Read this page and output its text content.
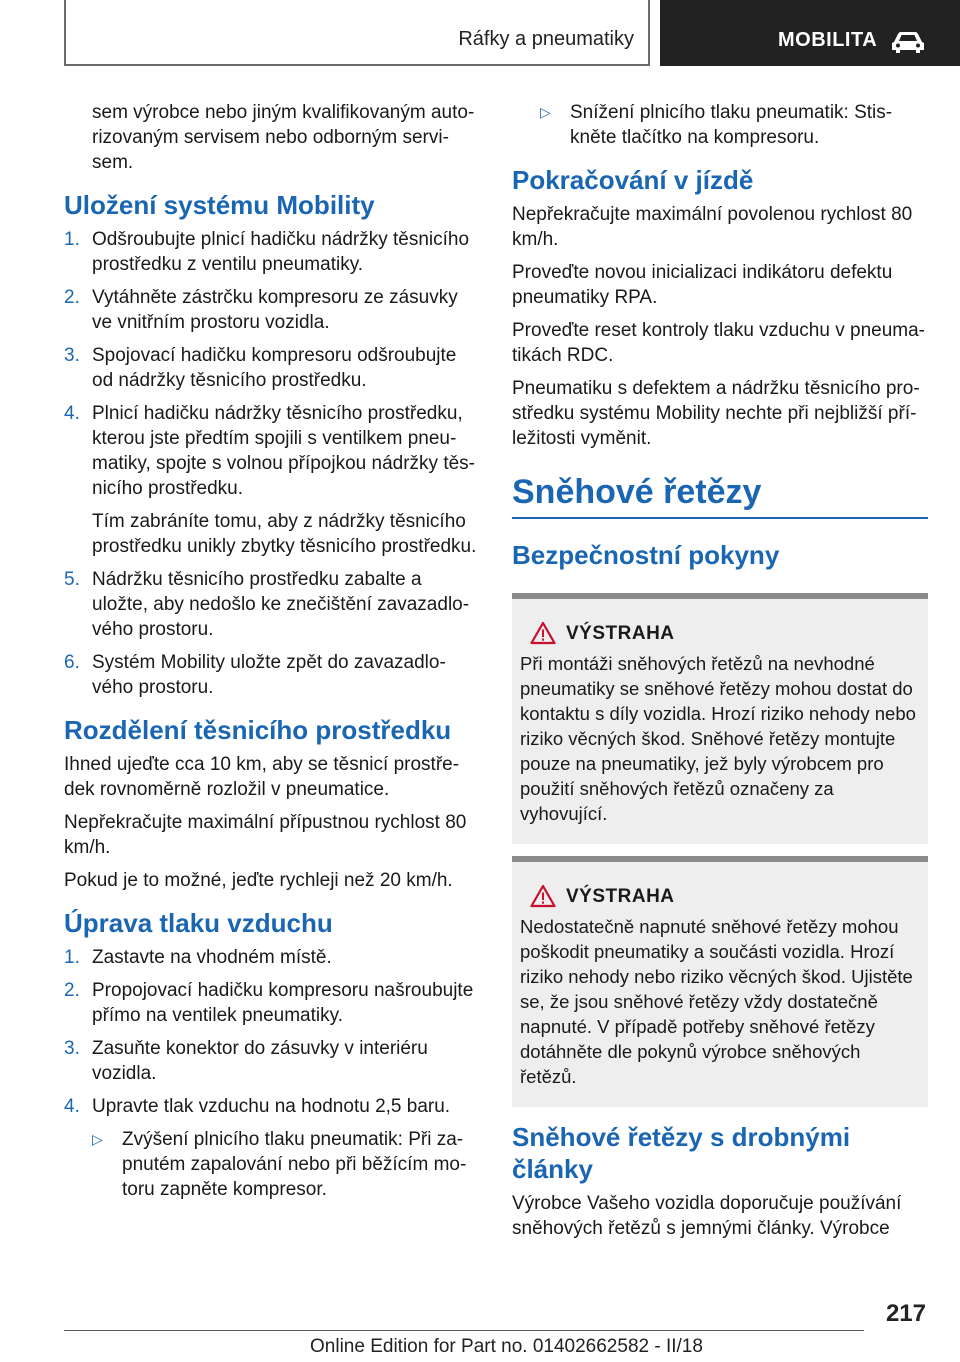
Ráfky a pneumatiky	MOBILITA

sem výrobce nebo jiným kvalifikovaným autorizovaným servisem nebo odborným servisem.

Uložení systému Mobility
1. Odšroubujte plnicí hadičku nádržky těsnicího prostředku z ventilu pneumatiky.
2. Vytáhněte zástrčku kompresoru ze zásuvky ve vnitřním prostoru vozidla.
3. Spojovací hadičku kompresoru odšroubujte od nádržky těsnicího prostředku.
4. Plnicí hadičku nádržky těsnicího prostředku, kterou jste předtím spojili s ventilkem pneumatiky, spojte s volnou přípojkou nádržky těsnicího prostředku.
Tím zabráníte tomu, aby z nádržky těsnicího prostředku unikly zbytky těsnicího prostředku.
5. Nádržku těsnicího prostředku zabalte a uložte, aby nedošlo ke znečištění zavazadlového prostoru.
6. Systém Mobility uložte zpět do zavazadlového prostoru.
Rozdělení těsnicího prostředku

Ihned ujeďte cca 10 km, aby se těsnicí prostředek rovnoměrně rozložil v pneumatice.

Nepřekračujte maximální přípustnou rychlost 80 km/h.

Pokud je to možné, jeďte rychleji než 20 km/h.

Úprava tlaku vzduchu
1. Zastavte na vhodném místě.
2. Propojovací hadičku kompresoru našroubujte přímo na ventilek pneumatiky.
3. Zasuňte konektor do zásuvky v interiéru vozidla.
4. Upravte tlak vzduchu na hodnotu 2,5 baru.
▷ Zvýšení plnicího tlaku pneumatik: Při zapnutém zapalování nebo při běžícím motoru zapněte kompresor.
▷ Snížení plnicího tlaku pneumatik: Stiskněte tlačítko na kompresoru.
Pokračování v jízdě

Nepřekračujte maximální povolenou rychlost 80 km/h.

Proveďte novou inicializaci indikátoru defektu pneumatiky RPA.

Proveďte reset kontroly tlaku vzduchu v pneumatikách RDC.

Pneumatiku s defektem a nádržku těsnicího prostředku systému Mobility nechte při nejbližší příležitosti vyměnit.

Sněhové řetězy
Bezpečnostní pokyny
VÝSTRAHA
Při montáži sněhových řetězů na nevhodné pneumatiky se sněhové řetězy mohou dostat do kontaktu s díly vozidla. Hrozí riziko nehody nebo riziko věcných škod. Sněhové řetězy montujte pouze na pneumatiky, jež byly výrobcem pro použití sněhových řetězů označeny za vyhovující.
VÝSTRAHA
Nedostatečně napnuté sněhové řetězy mohou poškodit pneumatiky a součásti vozidla. Hrozí riziko nehody nebo riziko věcných škod. Ujistěte se, že jsou sněhové řetězy vždy dostatečně napnuté. V případě potřeby sněhové řetězy dotáhněte dle pokynů výrobce sněhových řetězů.
Sněhové řetězy s drobnými články

Výrobce Vašeho vozidla doporučuje používání sněhových řetězů s jemnými články. Výrobce

217
Online Edition for Part no. 01402662582 - II/18
